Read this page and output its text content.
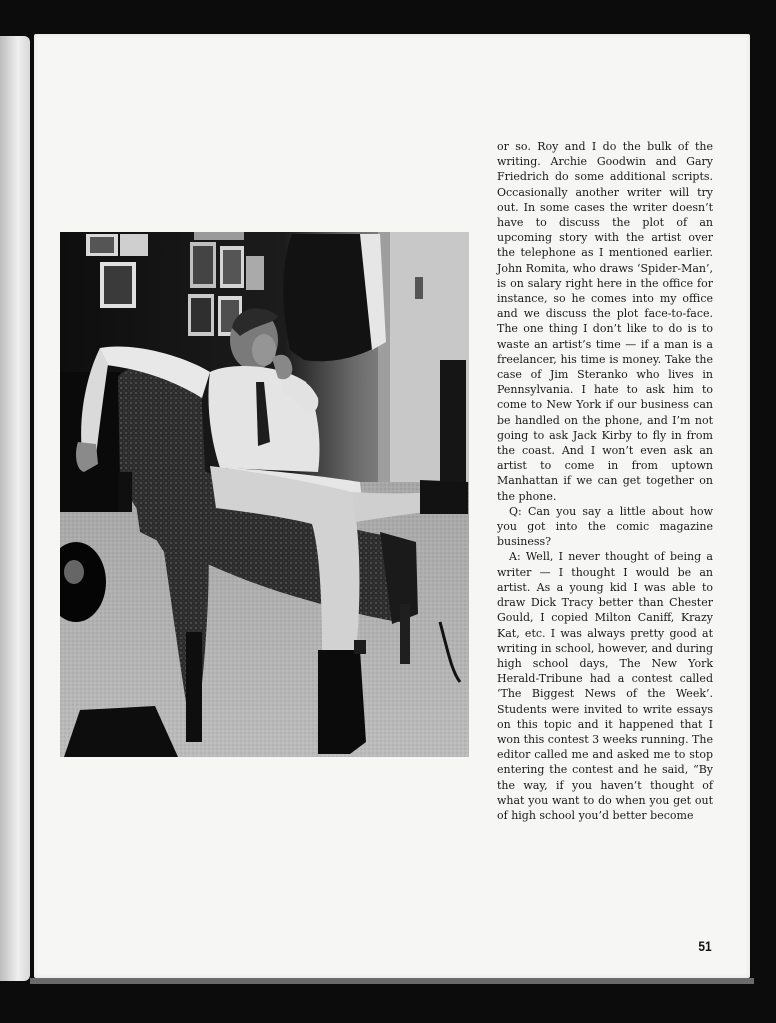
or so. Roy and I do the bulk of the writing. Archie Goodwin and Gary Friedrich do some additional scripts. Occasionally another writer will try out. In some cases the writer doesn’t have to discuss the plot of an upcoming story with the artist over the telephone as I mentioned earlier. John Romita, who draws ‘Spider-Man’, is on salary right here in the office for instance, so he comes into my office and we discuss the plot face-to-face. The one thing I don’t like to do is to waste an artist’s time — if a man is a freelancer, his time is money. Take the case of Jim Steranko who lives in Pennsylvania. I hate to ask him to come to New York if our business can be handled on the phone, and I’m not going to ask Jack Kirby to fly in from the coast. And I won’t even ask an artist to come in from uptown Manhattan if we can get together on the phone.

Q: Can you say a little about how you got into the comic magazine business?

A: Well, I never thought of being a writer — I thought I would be an artist. As a young kid I was able to draw Dick Tracy better than Chester Gould, I copied Milton Caniff, Krazy Kat, etc. I was always pretty good at writing in school, however, and during high school days, The New York Herald-Tribune had a contest called ‘The Biggest News of the Week’. Students were invited to write essays on this topic and it happened that I won this contest 3 weeks running. The editor called me and asked me to stop entering the contest and he said, “By the way, if you haven’t thought of what you want to do when you get out of high school you’d better become

51
